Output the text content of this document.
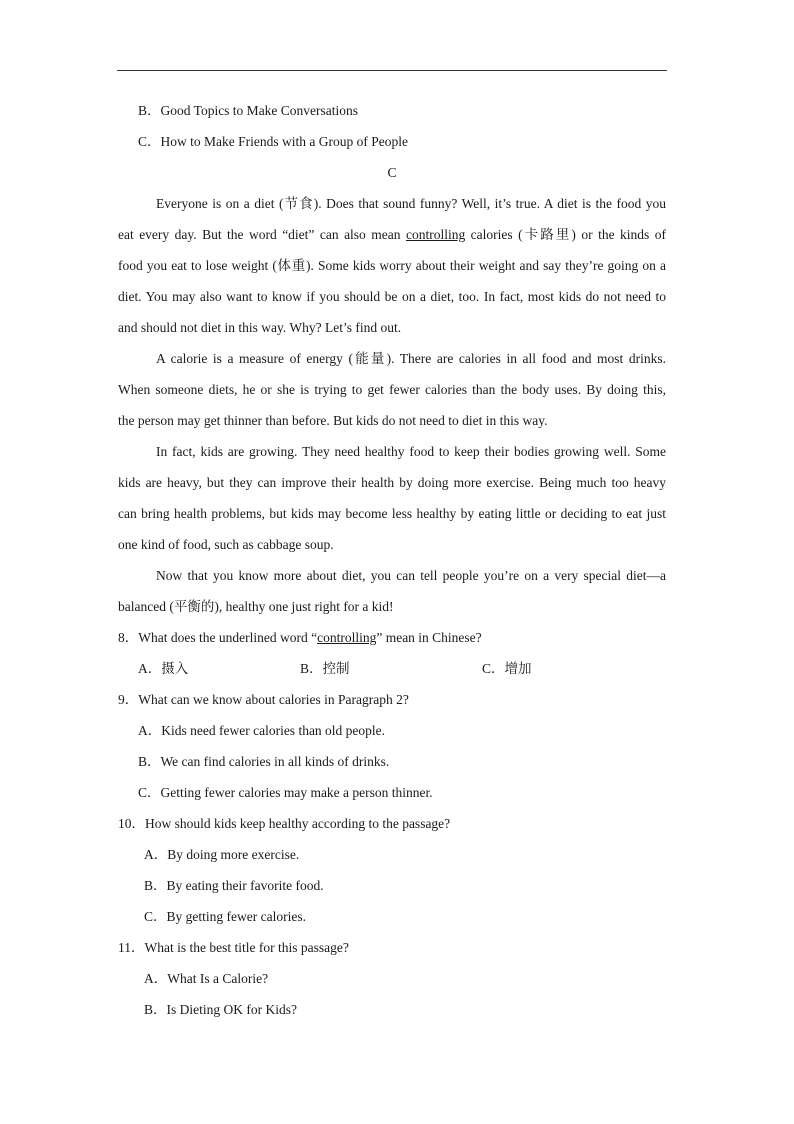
B．Good Topics to Make Conversations
C．How to Make Friends with a Group of People
C
Everyone is on a diet (节食). Does that sound funny? Well, it’s true. A diet is the food you
eat every day. But the word “diet” can also mean controlling calories (卡路里) or the kinds of
food you eat to lose weight (体重). Some kids worry about their weight and say they’re going on a
diet. You may also want to know if you should be on a diet, too. In fact, most kids do not need to
and should not diet in this way. Why? Let’s find out.
A calorie is a measure of energy (能量). There are calories in all food and most drinks.
When someone diets, he or she is trying to get fewer calories than the body uses. By doing this,
the person may get thinner than before. But kids do not need to diet in this way.
In fact, kids are growing. They need healthy food to keep their bodies growing well. Some
kids are heavy, but they can improve their health by doing more exercise. Being much too heavy
can bring health problems, but kids may become less healthy by eating little or deciding to eat just
one kind of food, such as cabbage soup.
Now that you know more about diet, you can tell people you’re on a very special diet—a
balanced (平衡的), healthy one just right for a kid!
8．What does the underlined word “controlling” mean in Chinese?
A．摄入	B．控制	C．增加
9．What can we know about calories in Paragraph 2?
A．Kids need fewer calories than old people.
B．We can find calories in all kinds of drinks.
C．Getting fewer calories may make a person thinner.
10．How should kids keep healthy according to the passage?
A．By doing more exercise.
B．By eating their favorite food.
C．By getting fewer calories.
11．What is the best title for this passage?
A．What Is a Calorie?
B．Is Dieting OK for Kids?
